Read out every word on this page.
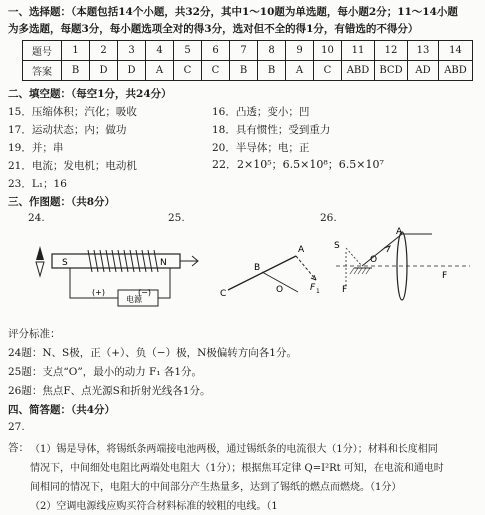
一、选择题：（本题包括14个小题，共32分，其中1～10题为单选题，每小题2分；11～14小题
为多选题，每题3分，每小题选项全对的得3分，选对但不全的得1分，有错选的不得分）
题号	1	2	3	4	5	6	7	8	9	10	11	12	13	14
答案	B	D	D	A	C	C	B	B	A	C	ABD	BCD	AD	ABD
二、填空题：（每空1分，共24分）
15．压缩体积；汽化；吸收	16．凸透；变小；凹
17．运动状态；内；做功	18．具有惯性；受到重力
19．并；串	20．半导体；电；正
21．电流；发电机；电动机	22．2×10⁵；6.5×10⁸；6.5×10⁷
23．L₁；16
三、作图题：（共8分）
24.	25.	26.
S	N
(+)	(−)
电源
C
B
A
O	F 1
S
O
A
F
F
评分标准：
24题：N、S极，正（+）、负（−）极，N极偏转方向各1分。
25题：支点“O”，最小的动力 F₁ 各1分。
26题：焦点F、点光源S和折射光线各1分。
四、简答题：（共4分）
27.
答： （1）锡是导体，将锡纸条两端接电池两极，通过锡纸条的电流很大（1分）；材料和长度相同
情况下，中间细处电阻比两端处电阻大（1分）；根据焦耳定律 Q=I²Rt 可知，在电流和通电时
间相同的情况下，电阻大的中间部分产生热量多，达到了锡纸的燃点而燃烧。（1分）
（2）空调电源线应购买符合材料标准的较粗的电线。（1
